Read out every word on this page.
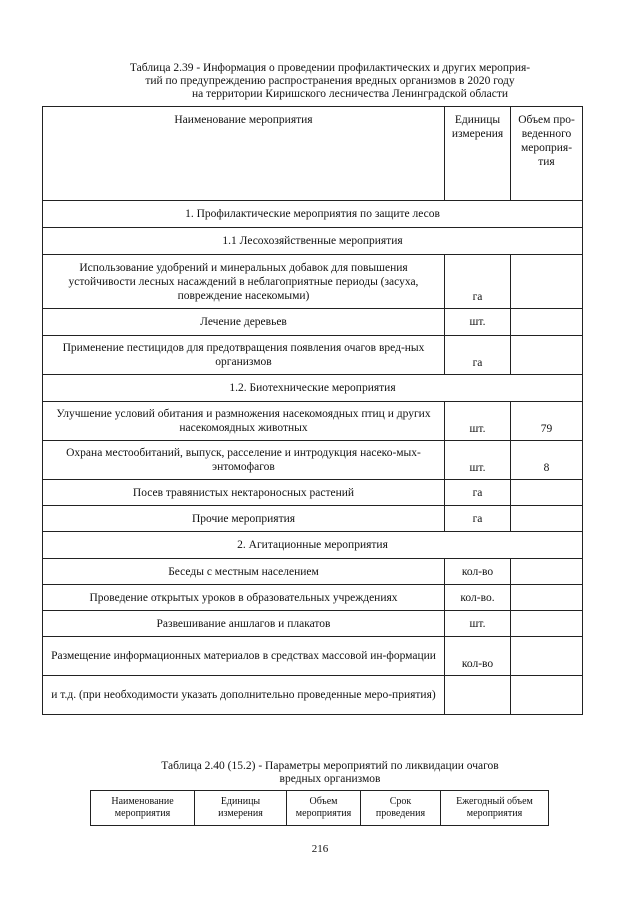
Таблица 2.39 - Информация о проведении профилактических и других мероприя-
тий по предупреждению распространения вредных организмов в 2020 году
на территории Киришского лесничества Ленинградской области
Наименование мероприятия	Единицы измерения	Объем про-веденного мероприя-тия
1. Профилактические мероприятия по защите лесов		
1.1 Лесохозяйственные мероприятия		
Использование удобрений и минеральных добавок для повышения устойчивости лесных насаждений в неблагоприятные периоды (засуха, повреждение насекомыми)	га	
Лечение деревьев	шт.	
Применение пестицидов для предотвращения появления очагов вред-ных организмов	га	
1.2. Биотехнические мероприятия		
Улучшение условий обитания и размножения насекомоядных птиц и других насекомоядных животных	шт.	79
Охрана местообитаний, выпуск, расселение и интродукция насеко-мых-энтомофагов	шт.	8
Посев травянистых нектароносных растений	га	
Прочие мероприятия	га	
2. Агитационные мероприятия		
Беседы с местным населением	кол-во	
Проведение открытых уроков в образовательных учреждениях	кол-во.	
Развешивание аншлагов и плакатов	шт.	
Размещение информационных материалов в средствах массовой ин-формации	кол-во	
и т.д. (при необходимости указать дополнительно проведенные меро-приятия)		
Таблица 2.40 (15.2) - Параметры мероприятий по ликвидации очагов
вредных организмов
Наименование мероприятия	Единицы измерения	Объем мероприятия	Срок проведения	Ежегодный объем мероприятия
216
